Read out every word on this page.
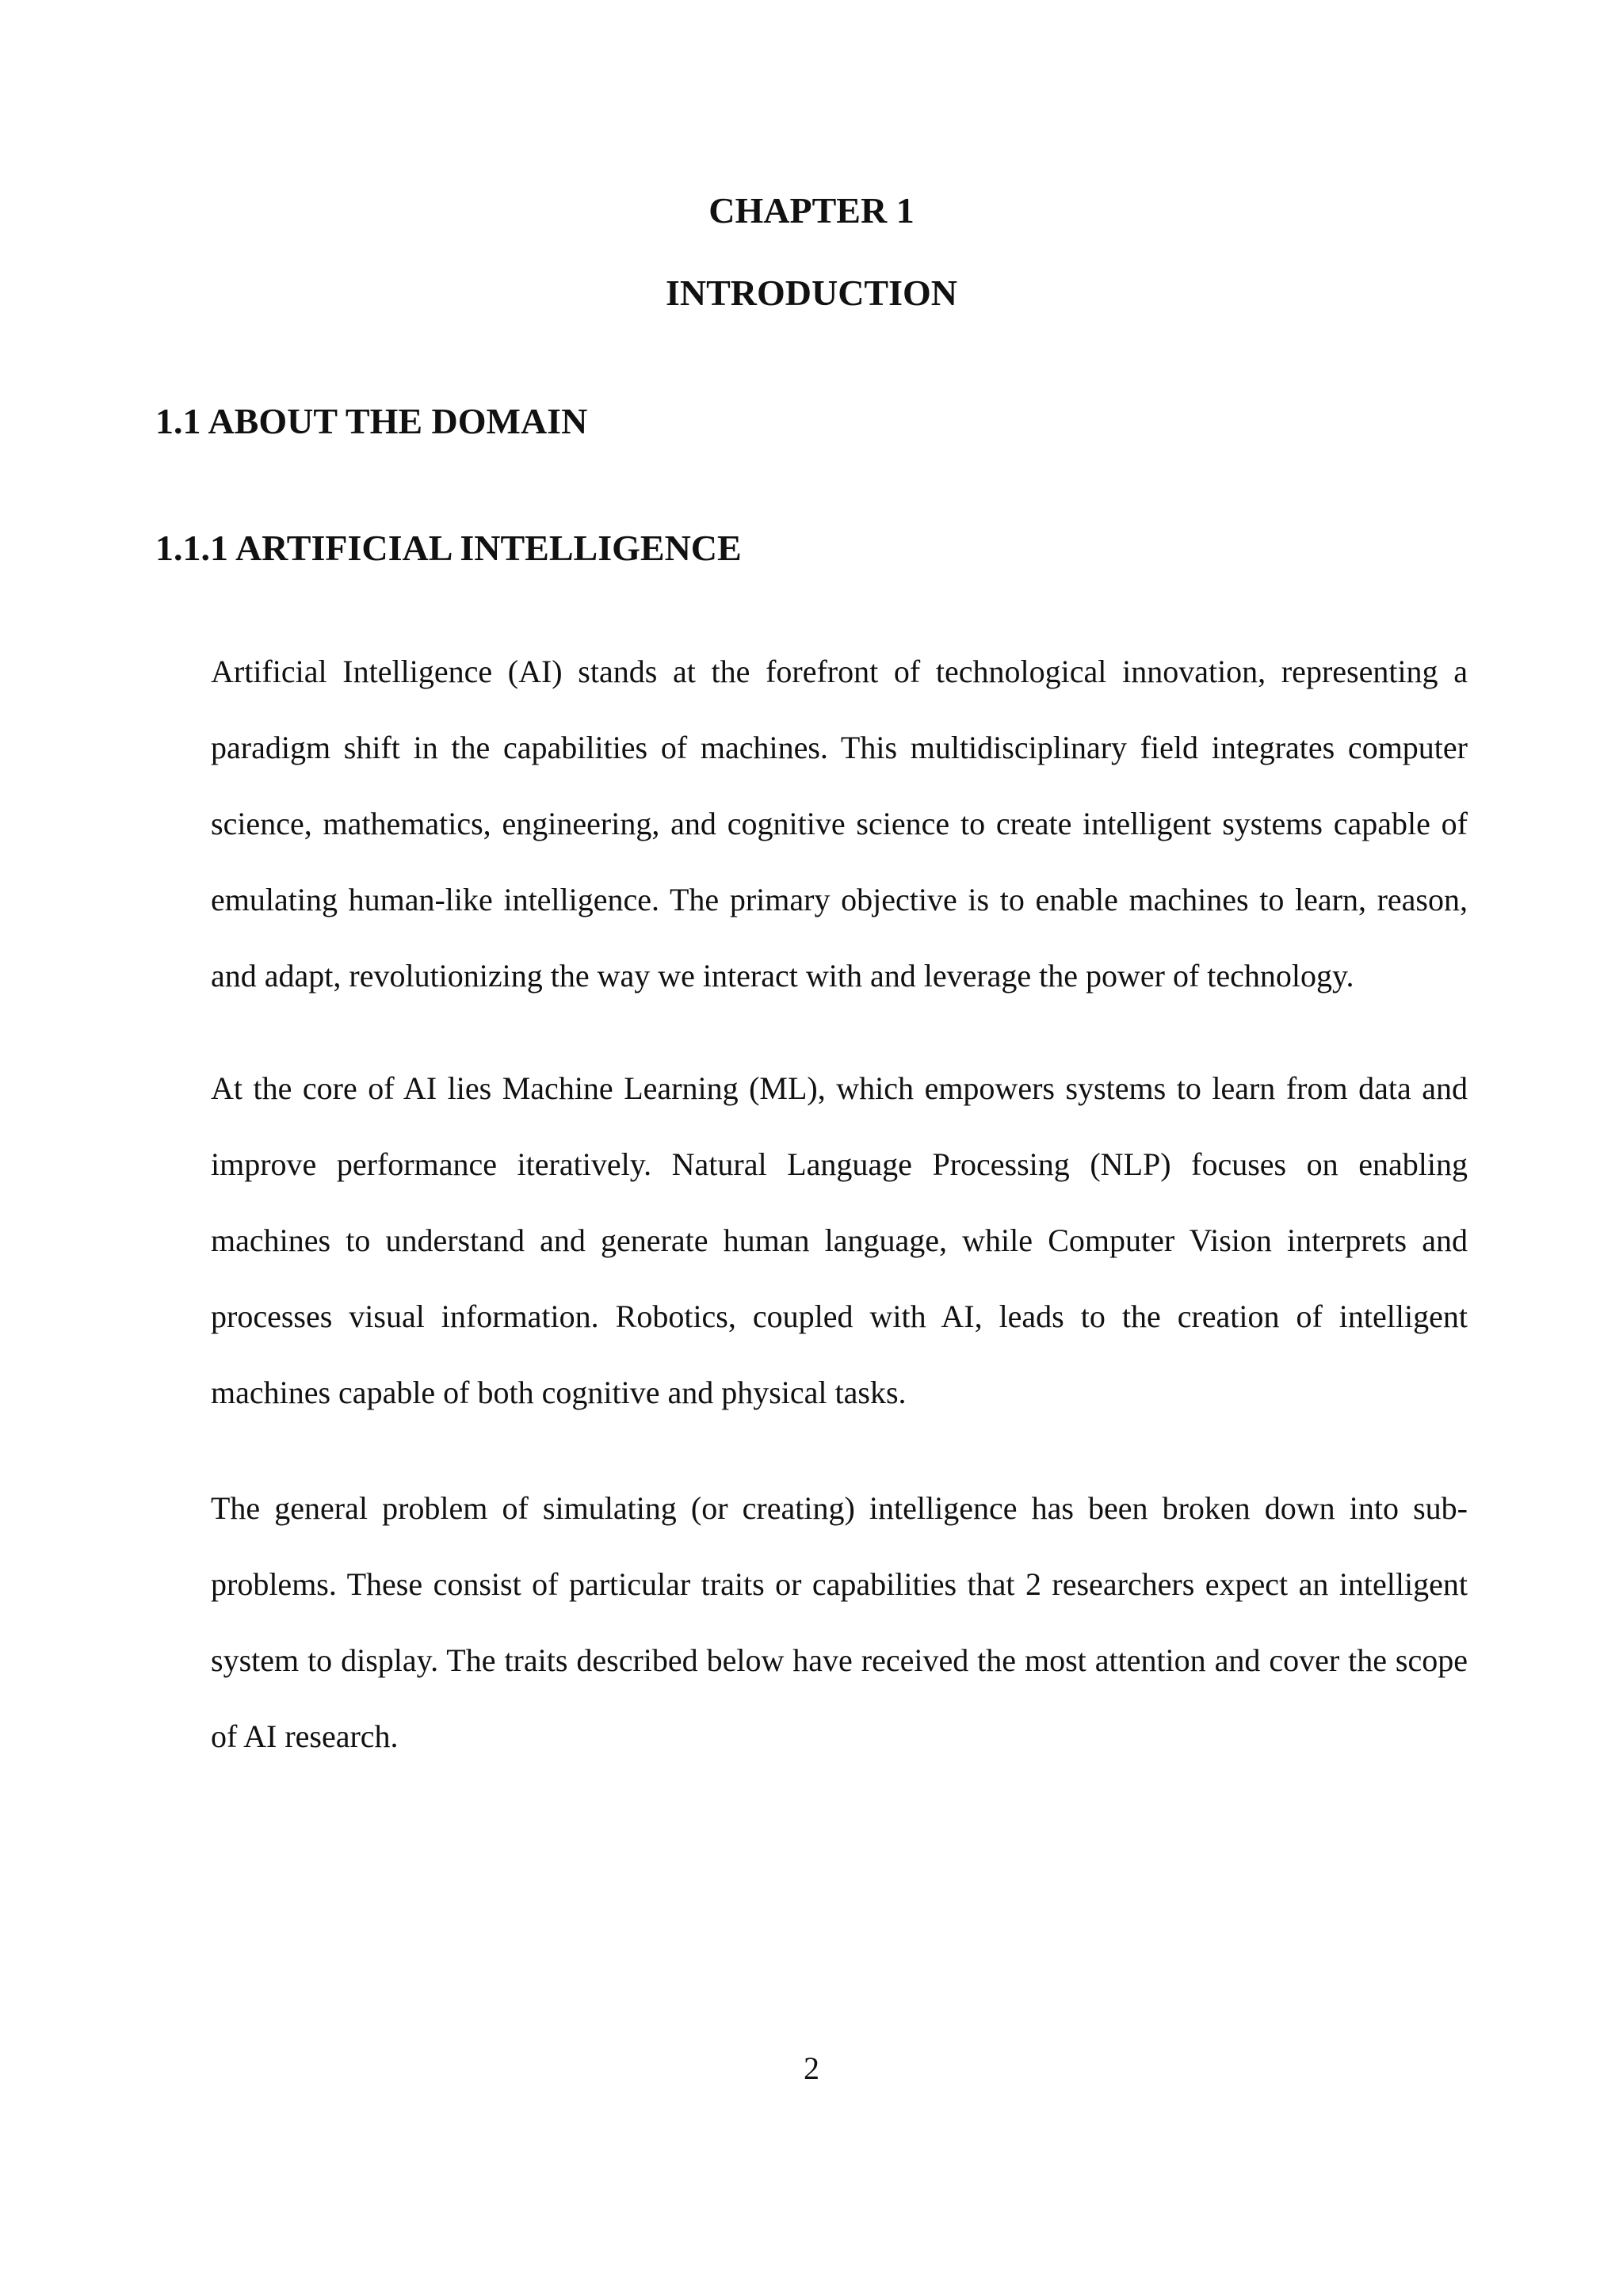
CHAPTER 1
INTRODUCTION
1.1 ABOUT THE DOMAIN
1.1.1 ARTIFICIAL INTELLIGENCE

Artificial Intelligence (AI) stands at the forefront of technological innovation, representing a paradigm shift in the capabilities of machines. This multidisciplinary field integrates computer science, mathematics, engineering, and cognitive science to create intelligent systems capable of emulating human-like intelligence. The primary objective is to enable machines to learn, reason, and adapt, revolutionizing the way we interact with and leverage the power of technology.

At the core of AI lies Machine Learning (ML), which empowers systems to learn from data and improve performance iteratively. Natural Language Processing (NLP) focuses on enabling machines to understand and generate human language, while Computer Vision interprets and processes visual information. Robotics, coupled with AI, leads to the creation of intelligent machines capable of both cognitive and physical tasks.

The general problem of simulating (or creating) intelligence has been broken down into sub-problems. These consist of particular traits or capabilities that 2 researchers expect an intelligent system to display. The traits described below have received the most attention and cover the scope of AI research.

2
